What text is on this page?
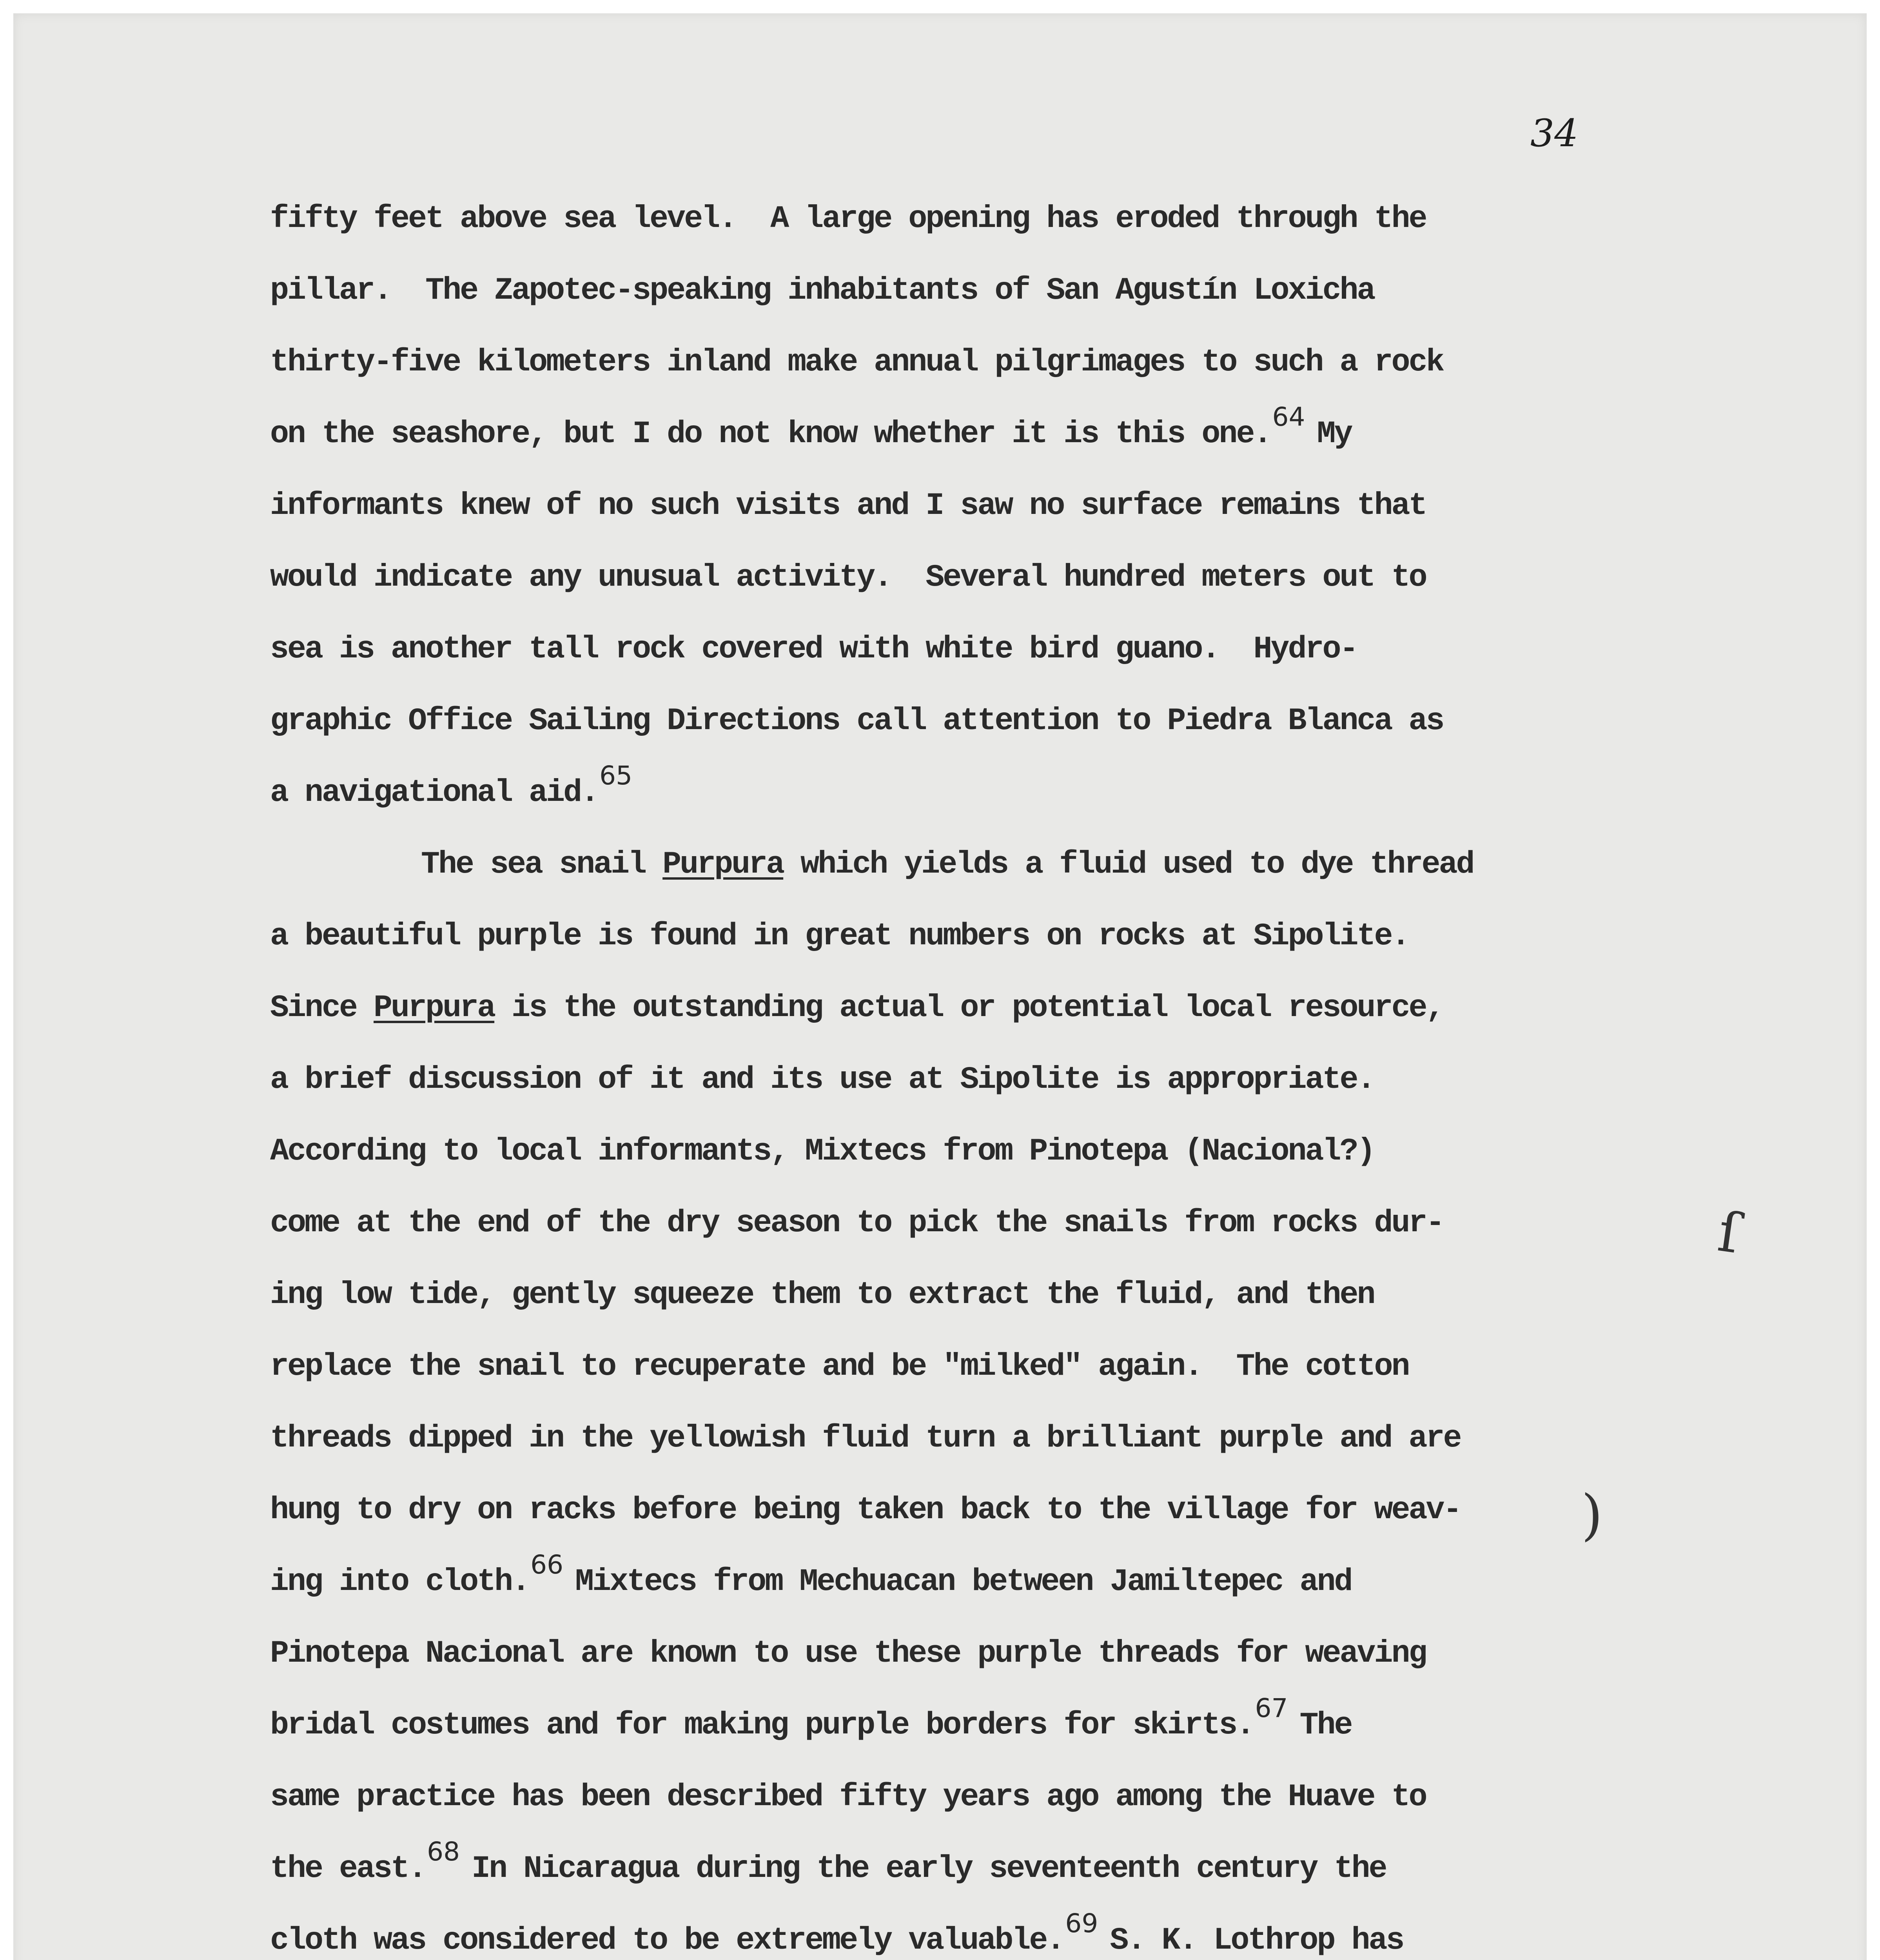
34
fifty feet above sea level.  A large opening has eroded through the
pillar.  The Zapotec-speaking inhabitants of San Agustín Loxicha
thirty-five kilometers inland make annual pilgrimages to such a rock
on the seashore, but I do not know whether it is this one.$^{64}$ My
informants knew of no such visits and I saw no surface remains that
would indicate any unusual activity.  Several hundred meters out to
sea is another tall rock covered with white bird guano.  Hydro-
graphic Office Sailing Directions call attention to Piedra Blanca as
a navigational aid.$^{65}$
The sea snail Purpura which yields a fluid used to dye thread
a beautiful purple is found in great numbers on rocks at Sipolite.
Since Purpura is the outstanding actual or potential local resource,
a brief discussion of it and its use at Sipolite is appropriate.
According to local informants, Mixtecs from Pinotepa (Nacional?)
come at the end of the dry season to pick the snails from rocks dur-
ing low tide, gently squeeze them to extract the fluid, and then
replace the snail to recuperate and be "milked" again.  The cotton
threads dipped in the yellowish fluid turn a brilliant purple and are
hung to dry on racks before being taken back to the village for weav-
ing into cloth.$^{66}$ Mixtecs from Mechuacan between Jamiltepec and
Pinotepa Nacional are known to use these purple threads for weaving
bridal costumes and for making purple borders for skirts.$^{67}$ The
same practice has been described fifty years ago among the Huave to
the east.$^{68}$ In Nicaragua during the early seventeenth century the
cloth was considered to be extremely valuable.$^{69}$ S. K. Lothrop has
ſ
)
